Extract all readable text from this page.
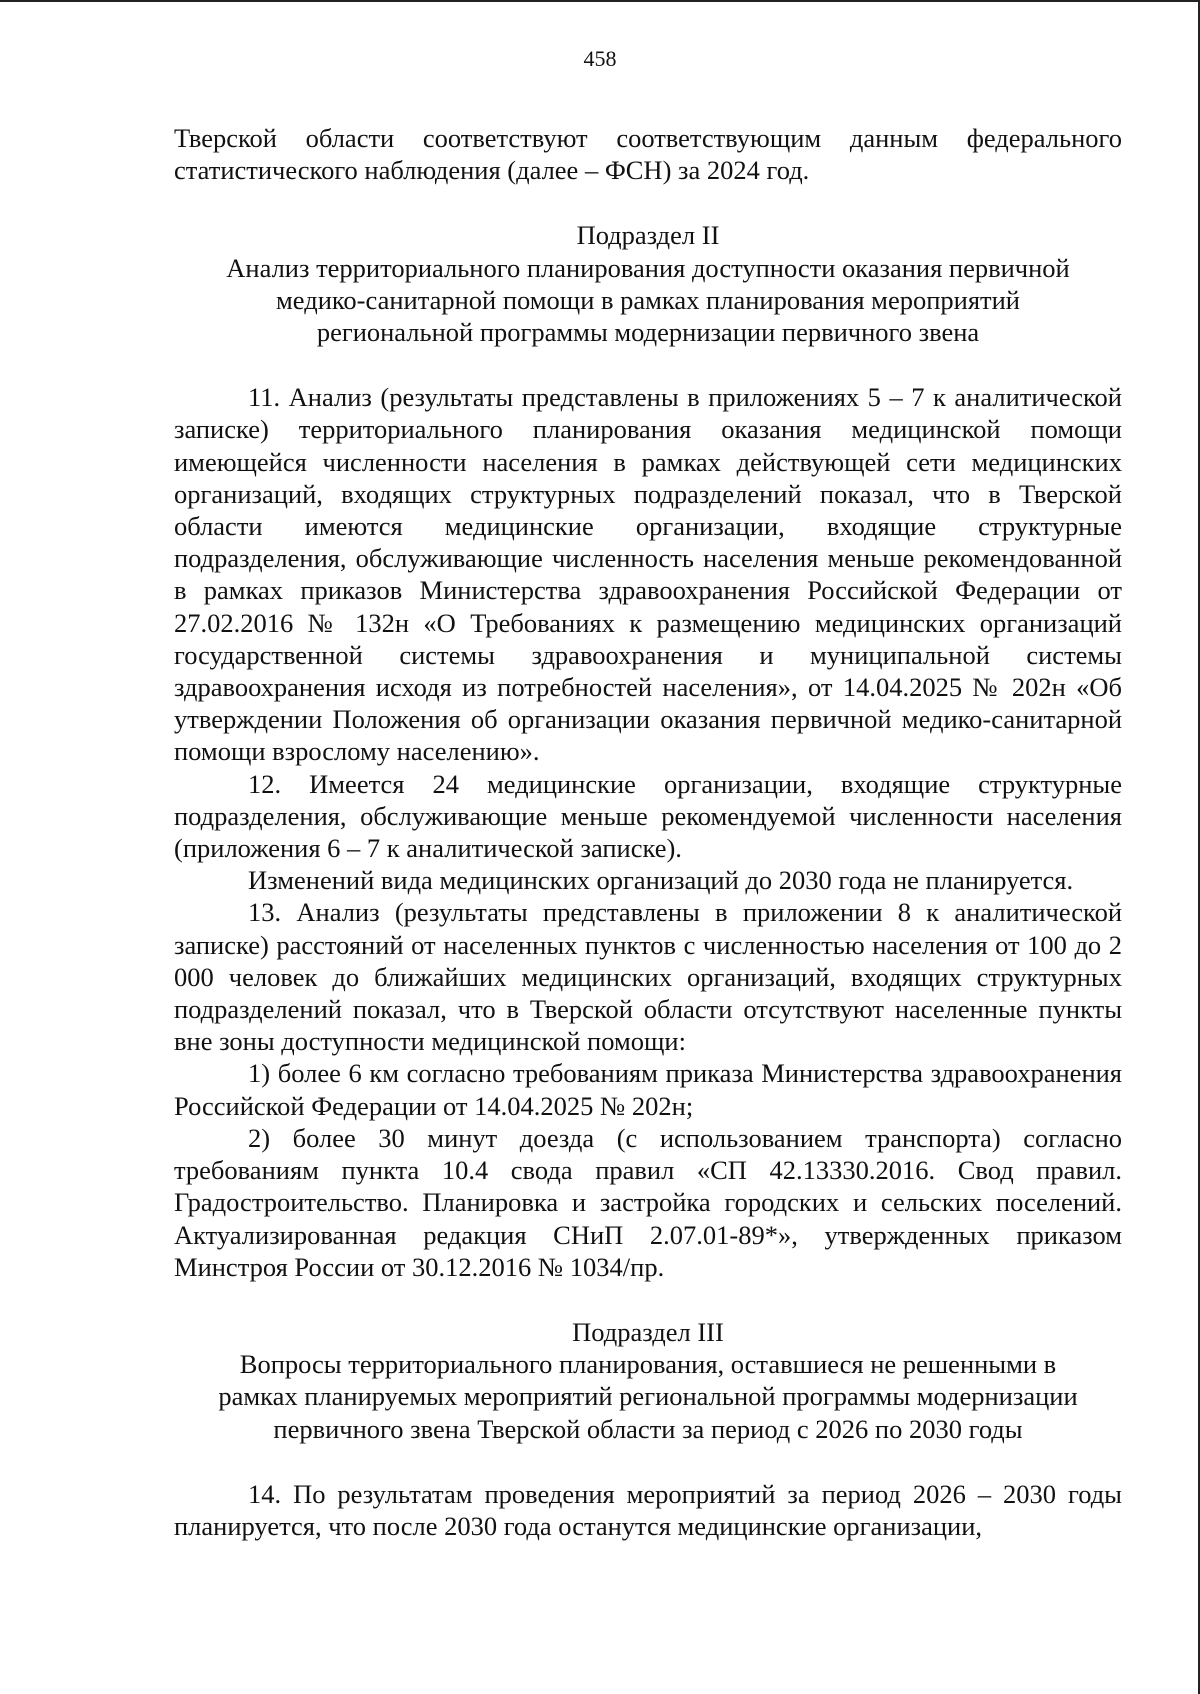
458

Тверской области соответствуют соответствующим данным федерального статистического наблюдения (далее – ФСН) за 2024 год.

Подраздел II

Анализ территориального планирования доступности оказания первичной

медико-санитарной помощи в рамках планирования мероприятий

региональной программы модернизации первичного звена

11. Анализ (результаты представлены в приложениях 5 – 7 к аналитической записке) территориального планирования оказания медицинской помощи имеющейся численности населения в рамках действующей сети медицинских организаций, входящих структурных подразделений показал, что в Тверской области имеются медицинские организации, входящие структурные подразделения, обслуживающие численность населения меньше рекомендованной в рамках приказов Министерства здравоохранения Российской Федерации от 27.02.2016 № 132н «О Требованиях к размещению медицинских организаций государственной системы здравоохранения и муниципальной системы здравоохранения исходя из потребностей населения», от 14.04.2025 № 202н «Об утверждении Положения об организации оказания первичной медико-санитарной помощи взрослому населению».

12. Имеется 24 медицинские организации, входящие структурные подразделения, обслуживающие меньше рекомендуемой численности населения (приложения 6 – 7 к аналитической записке).

Изменений вида медицинских организаций до 2030 года не планируется.

13. Анализ (результаты представлены в приложении 8 к аналитической записке) расстояний от населенных пунктов с численностью населения от 100 до 2 000 человек до ближайших медицинских организаций, входящих структурных подразделений показал, что в Тверской области отсутствуют населенные пункты вне зоны доступности медицинской помощи:

1) более 6 км согласно требованиям приказа Министерства здравоохранения Российской Федерации от 14.04.2025 № 202н;

2) более 30 минут доезда (с использованием транспорта) согласно требованиям пункта 10.4 свода правил «СП 42.13330.2016. Свод правил. Градостроительство. Планировка и застройка городских и сельских поселений. Актуализированная редакция СНиП 2.07.01-89*», утвержденных приказом Минстроя России от 30.12.2016 № 1034/пр.

Подраздел III

Вопросы территориального планирования, оставшиеся не решенными в

рамках планируемых мероприятий региональной программы модернизации

первичного звена Тверской области за период с 2026 по 2030 годы

14. По результатам проведения мероприятий за период 2026 – 2030 годы планируется, что после 2030 года останутся медицинские организации,
